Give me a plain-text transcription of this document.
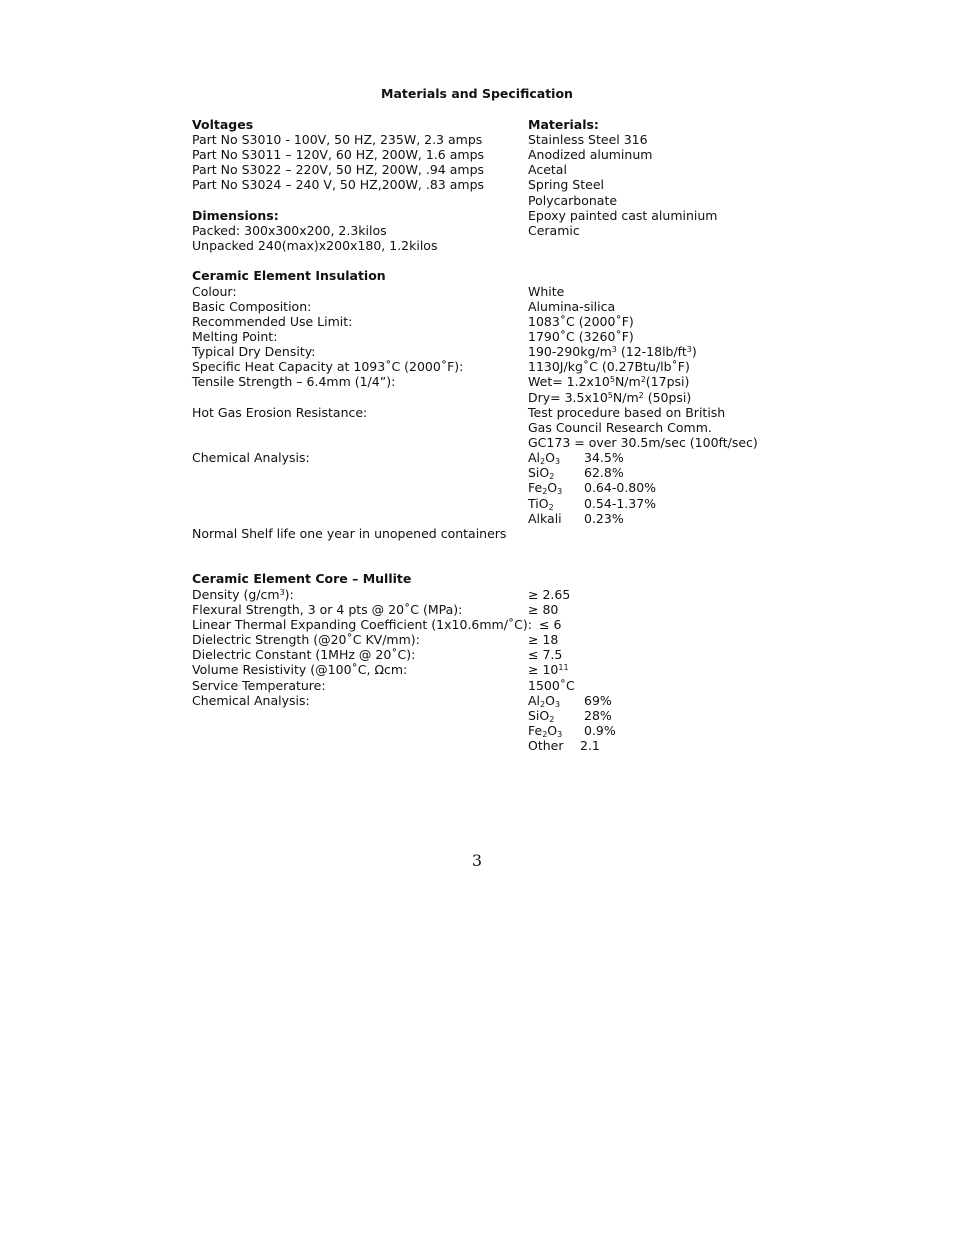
Materials and Specification
Voltages
Part No S3010 - 100V, 50 HZ, 235W, 2.3 amps
Part No S3011 – 120V, 60 HZ, 200W, 1.6 amps
Part No S3022 – 220V, 50 HZ, 200W, .94 amps
Part No S3024 – 240 V, 50 HZ,200W, .83 amps
Materials:
Stainless Steel 316
Anodized aluminum
Acetal
Spring Steel
Polycarbonate
Epoxy painted cast aluminium
Ceramic
Dimensions:
Packed: 300x300x200, 2.3kilos
Unpacked 240(max)x200x180, 1.2kilos
Ceramic Element Insulation
Colour:	White
Basic Composition:	Alumina-silica
Recommended Use Limit:	1083˚C (2000˚F)
Melting Point:	1790˚C (3260˚F)
Typical Dry Density:	$190-290kg/m^3$ $(12-18lb/ft^3)$
Specific Heat Capacity at 1093˚C (2000˚F):	1130J/kg˚C (0.27Btu/lb˚F)
Tensile Strength – 6.4mm (1/4”):	$Wet= 1.2x10^5N/m^2(17psi)$
$Dry= 3.5x10^5N/m^2$ (50psi)
Hot Gas Erosion Resistance:	Test procedure based on British
Gas Council Research Comm.
GC173 = over 30.5m/sec (100ft/sec)
Chemical Analysis:	$Al_2O_3$ 34.5%
SiO$_2$ 62.8%
$Fe_2O_3$ 0.64-0.80%
TiO$_2$ 0.54-1.37%
Alkali 0.23%
Normal Shelf life one year in unopened containers
Ceramic Element Core – Mullite
Density $(g/cm^3)$:	≥ 2.65
Flexural Strength, 3 or 4 pts @ 20˚C (MPa):	≥ 80
Linear Thermal Expanding Coefficient (1x10.6mm/˚C): ≤ 6
Dielectric Strength (@20˚C KV/mm):	≥ 18
Dielectric Constant (1MHz @ 20˚C):	≤ 7.5
Volume Resistivity (@100˚C, Ωcm:	≥ $10^{11}$
Service Temperature:	1500˚C
Chemical Analysis:	$Al_2O_3$ 69%
SiO$_2$ 28%
$Fe_2O_3$ 0.9%
Other 2.1
3
